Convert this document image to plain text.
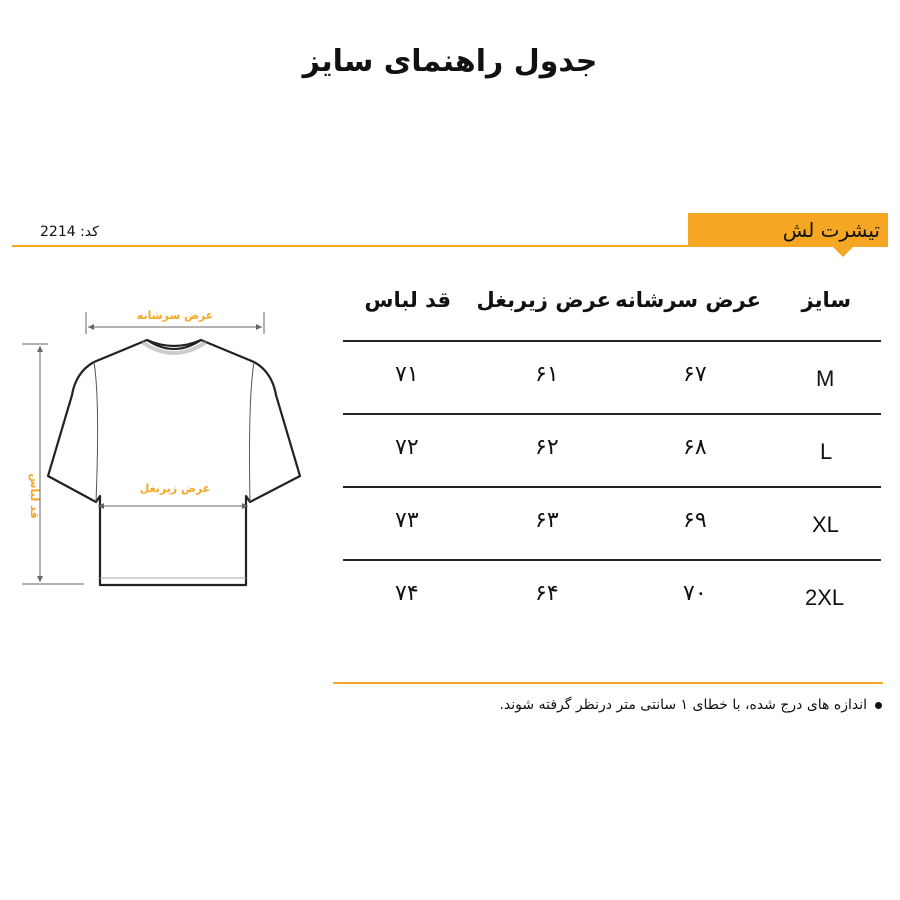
جدول راهنمای سایز
کد: 2214	تیشرت لش
عرض سرشانه
عرض زیربغل
قد لباس
سایز
عرض سرشانه
عرض زیربغل
قد لباس
M
۶۷
۶۱
۷۱
L
۶۸
۶۲
۷۲
XL
۶۹
۶۳
۷۳
2XL
۷۰
۶۴
۷۴
اندازه های درج شده، با خطای ۱ سانتی متر درنظر گرفته شوند.
